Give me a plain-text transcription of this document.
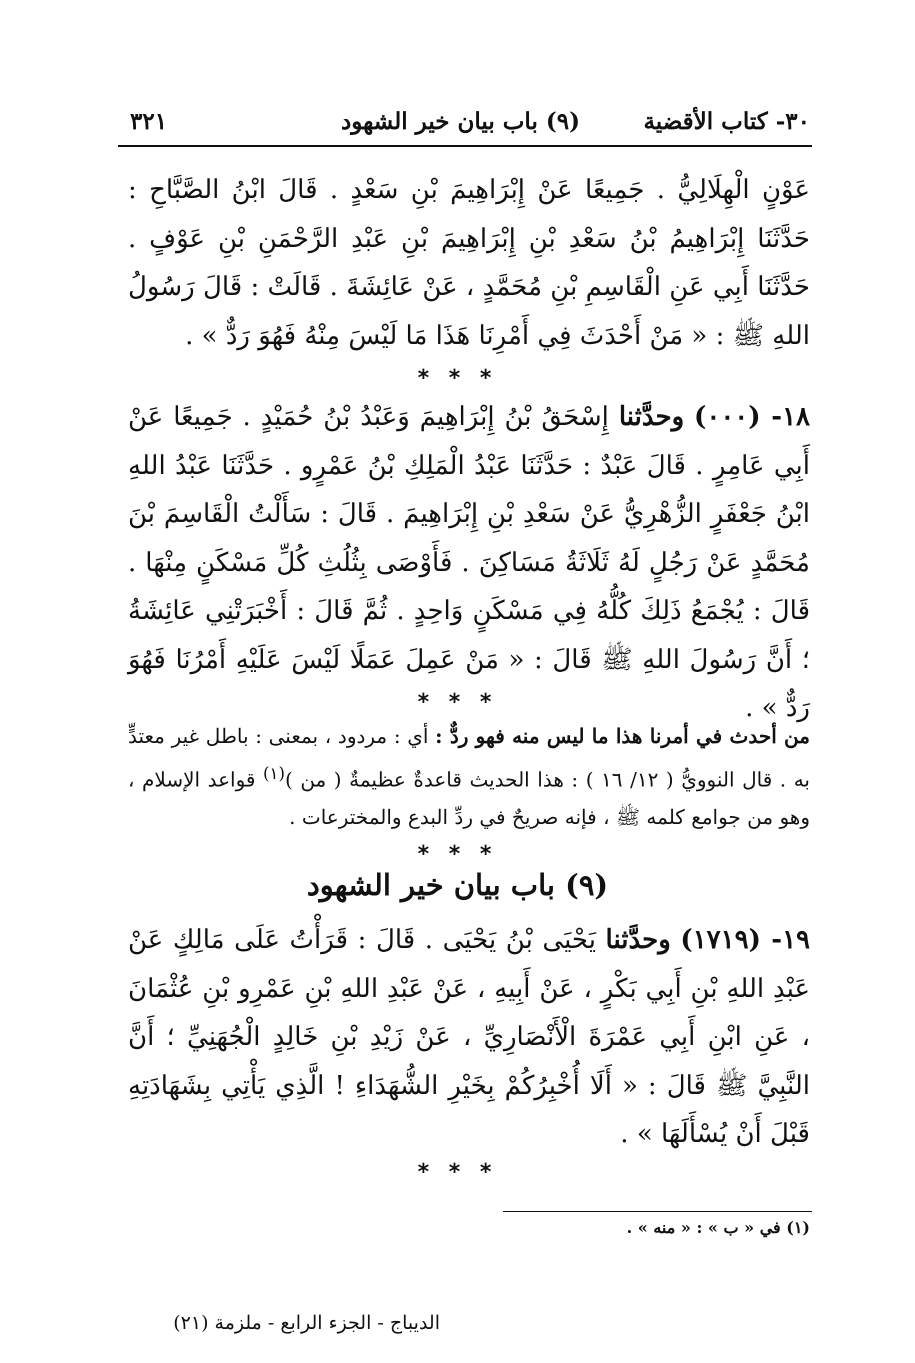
٣٠- كتاب الأقضية
(٩) باب بيان خير الشهود
٣٢١
عَوْنٍ الْهِلَالِيُّ . جَمِيعًا عَنْ إِبْرَاهِيمَ بْنِ سَعْدٍ . قَالَ ابْنُ الصَّبَّاحِ : حَدَّثَنَا إِبْرَاهِيمُ بْنُ سَعْدِ بْنِ إِبْرَاهِيمَ بْنِ عَبْدِ الرَّحْمَنِ بْنِ عَوْفٍ . حَدَّثَنَا أَبِي عَنِ الْقَاسِمِ بْنِ مُحَمَّدٍ ، عَنْ عَائِشَةَ . قَالَتْ : قَالَ رَسُولُ اللهِ ﷺ : « مَنْ أَحْدَثَ فِي أَمْرِنَا هَذَا مَا لَيْسَ مِنْهُ فَهُوَ رَدٌّ » .
* * *
١٨- (٠٠٠) وحدَّثنا إِسْحَقُ بْنُ إِبْرَاهِيمَ وَعَبْدُ بْنُ حُمَيْدٍ . جَمِيعًا عَنْ أَبِي عَامِرٍ . قَالَ عَبْدٌ : حَدَّثَنَا عَبْدُ الْمَلِكِ بْنُ عَمْرٍو . حَدَّثَنَا عَبْدُ اللهِ ابْنُ جَعْفَرٍ الزُّهْرِيُّ عَنْ سَعْدِ بْنِ إِبْرَاهِيمَ . قَالَ : سَأَلْتُ الْقَاسِمَ بْنَ مُحَمَّدٍ عَنْ رَجُلٍ لَهُ ثَلَاثَةُ مَسَاكِنَ . فَأَوْصَى بِثُلُثِ كُلِّ مَسْكَنٍ مِنْهَا . قَالَ : يُجْمَعُ ذَلِكَ كُلُّهُ فِي مَسْكَنٍ وَاحِدٍ . ثُمَّ قَالَ : أَخْبَرَتْنِي عَائِشَةُ ؛ أَنَّ رَسُولَ اللهِ ﷺ قَالَ : « مَنْ عَمِلَ عَمَلًا لَيْسَ عَلَيْهِ أَمْرُنَا فَهُوَ رَدٌّ » .
* * *
من أحدث في أمرنا هذا ما ليس منه فهو ردٌّ : أي : مردود ، بمعنى : باطل غير معتدٍّ به . قال النوويُّ ( ١٢/ ١٦ ) : هذا الحديث قاعدةٌ عظيمةٌ ( من )$^{(١)}$ قواعد الإسلام ، وهو من جوامع كلمه ﷺ ، فإنه صريحٌ في ردِّ البدع والمخترعات .
* * *
(٩) باب بيان خير الشهود
١٩- (١٧١٩) وحدَّثنا يَحْيَى بْنُ يَحْيَى . قَالَ : قَرَأْتُ عَلَى مَالِكٍ عَنْ عَبْدِ اللهِ بْنِ أَبِي بَكْرٍ ، عَنْ أَبِيهِ ، عَنْ عَبْدِ اللهِ بْنِ عَمْرِو بْنِ عُثْمَانَ ، عَنِ ابْنِ أَبِي عَمْرَةَ الْأَنْصَارِيِّ ، عَنْ زَيْدِ بْنِ خَالِدٍ الْجُهَنِيِّ ؛ أَنَّ النَّبِيَّ ﷺ قَالَ : « أَلَا أُخْبِرُكُمْ بِخَيْرِ الشُّهَدَاءِ ! الَّذِي يَأْتِي بِشَهَادَتِهِ قَبْلَ أَنْ يُسْأَلَهَا » .
* * *
(١) في « ب » : « منه » .
الديباج - الجزء الرابع - ملزمة (٢١)
